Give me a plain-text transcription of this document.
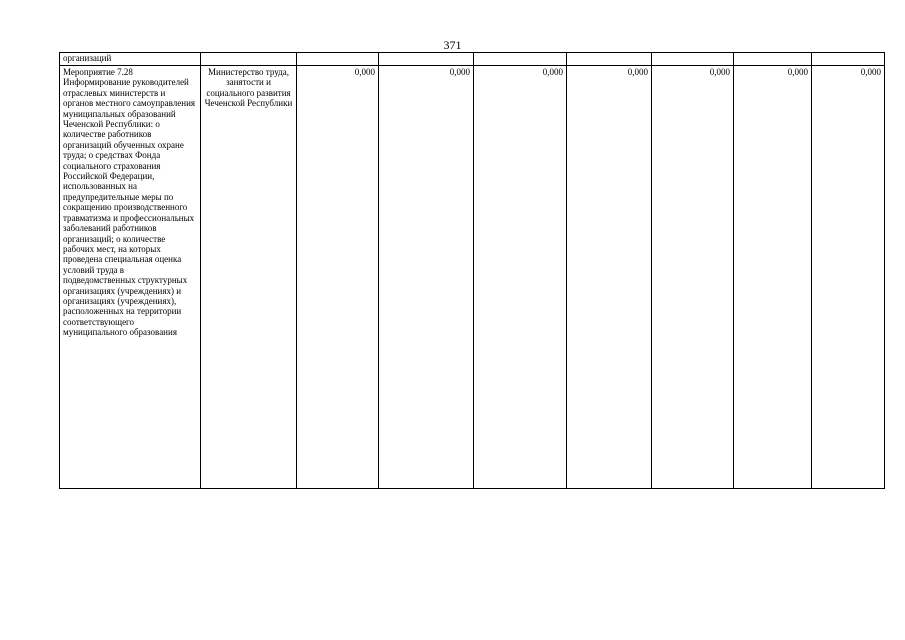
371
организаций								
Мероприятие 7.28 Информирование руководителей отраслевых министерств и органов местного самоуправления муниципальных образований Чеченской Республики: о количестве работников организаций обученных охране труда; о средствах Фонда социального страхования Российской Федерации, использованных на предупредительные меры по сокращению производственного травматизма и профессиональных заболеваний работников организаций; о количестве рабочих мест, на которых проведена специальная оценка условий труда в подведомственных структурных организациях (учреждениях) и организациях (учреждениях), расположенных на территории соответствующего муниципального образования	Министерство труда, занятости и социального развития Чеченской Республики	0,000	0,000	0,000	0,000	0,000	0,000	0,000
